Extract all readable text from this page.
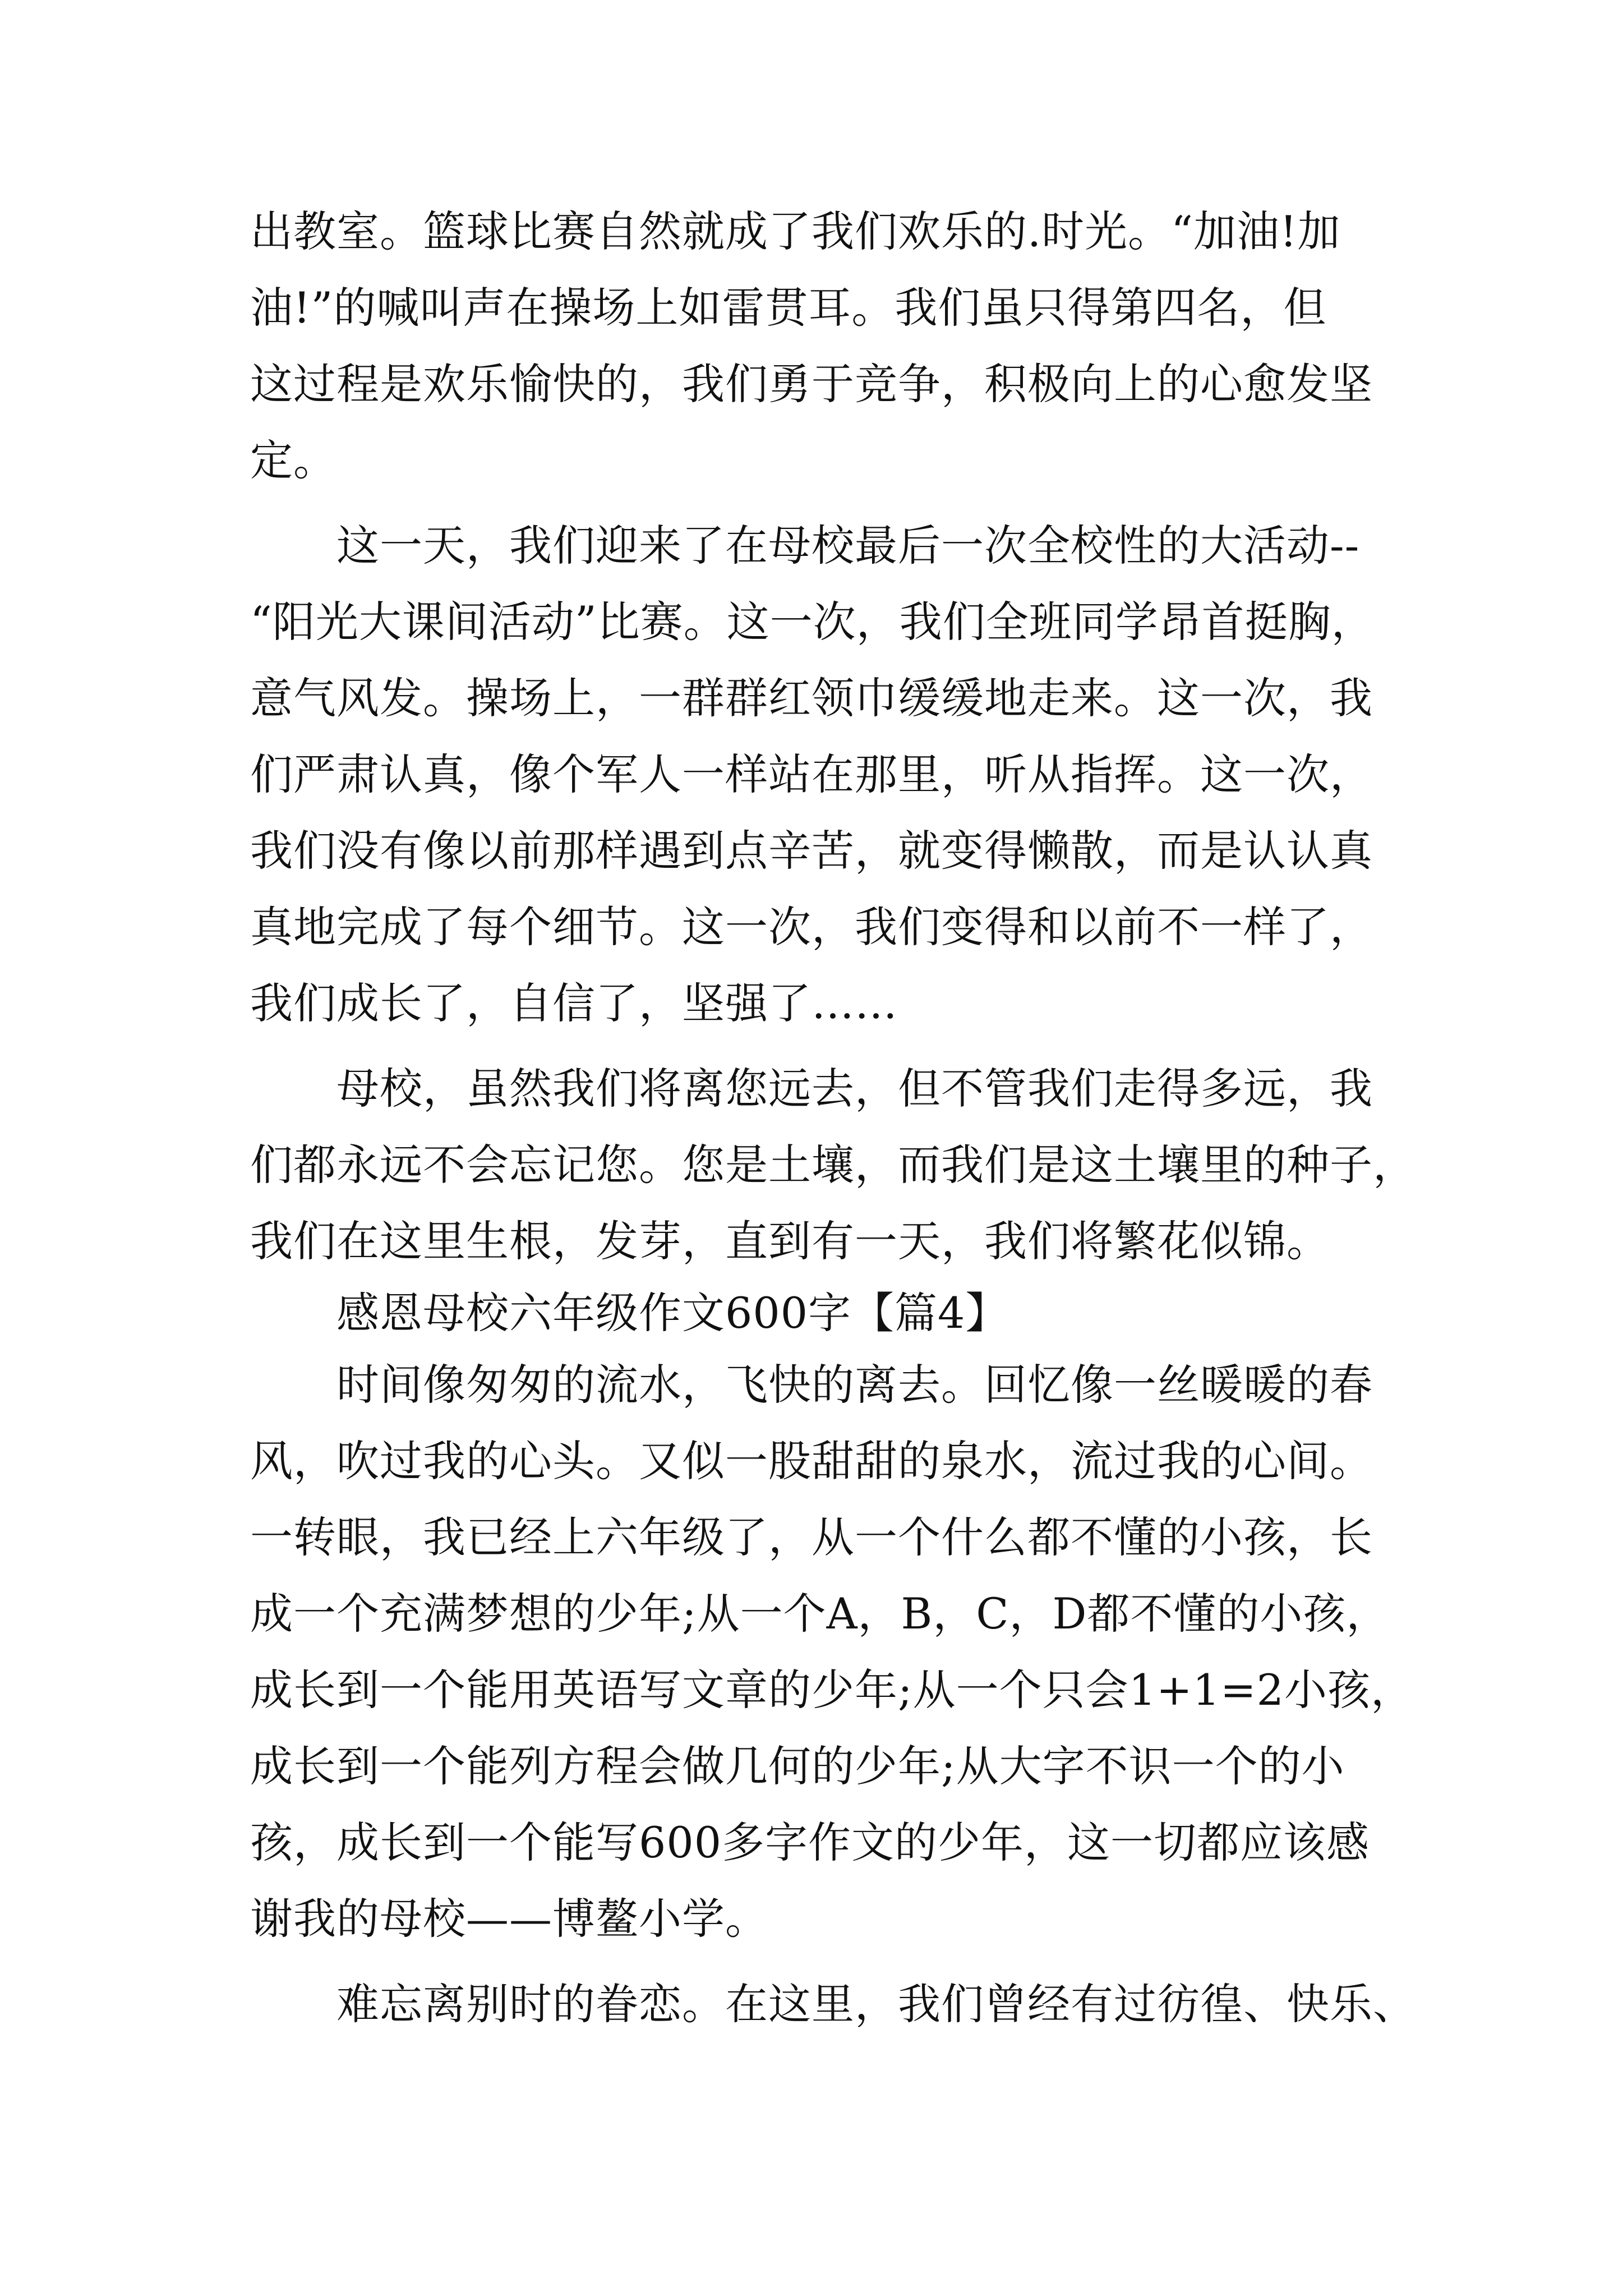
出教室。篮球比赛自然就成了我们欢乐的.时光。“加油!加
油!”的喊叫声在操场上如雷贯耳。我们虽只得第四名，但
这过程是欢乐愉快的，我们勇于竞争，积极向上的心愈发坚
定。
这一天，我们迎来了在母校最后一次全校性的大活动--
“阳光大课间活动”比赛。这一次，我们全班同学昂首挺胸，
意气风发。操场上，一群群红领巾缓缓地走来。这一次，我
们严肃认真，像个军人一样站在那里，听从指挥。这一次，
我们没有像以前那样遇到点辛苦，就变得懒散，而是认认真
真地完成了每个细节。这一次，我们变得和以前不一样了，
我们成长了，自信了，坚强了……
母校，虽然我们将离您远去，但不管我们走得多远，我
们都永远不会忘记您。您是土壤，而我们是这土壤里的种子，
我们在这里生根，发芽，直到有一天，我们将繁花似锦。
感恩母校六年级作文600字【篇4】
时间像匆匆的流水，飞快的离去。回忆像一丝暖暖的春
风，吹过我的心头。又似一股甜甜的泉水，流过我的心间。
一转眼，我已经上六年级了，从一个什么都不懂的小孩，长
成一个充满梦想的少年;从一个A，B，C，D都不懂的小孩，
成长到一个能用英语写文章的少年;从一个只会1+1=2小孩，
成长到一个能列方程会做几何的少年;从大字不识一个的小
孩，成长到一个能写600多字作文的少年，这一切都应该感
谢我的母校——博鳌小学。
难忘离别时的眷恋。在这里，我们曾经有过彷徨、快乐、
